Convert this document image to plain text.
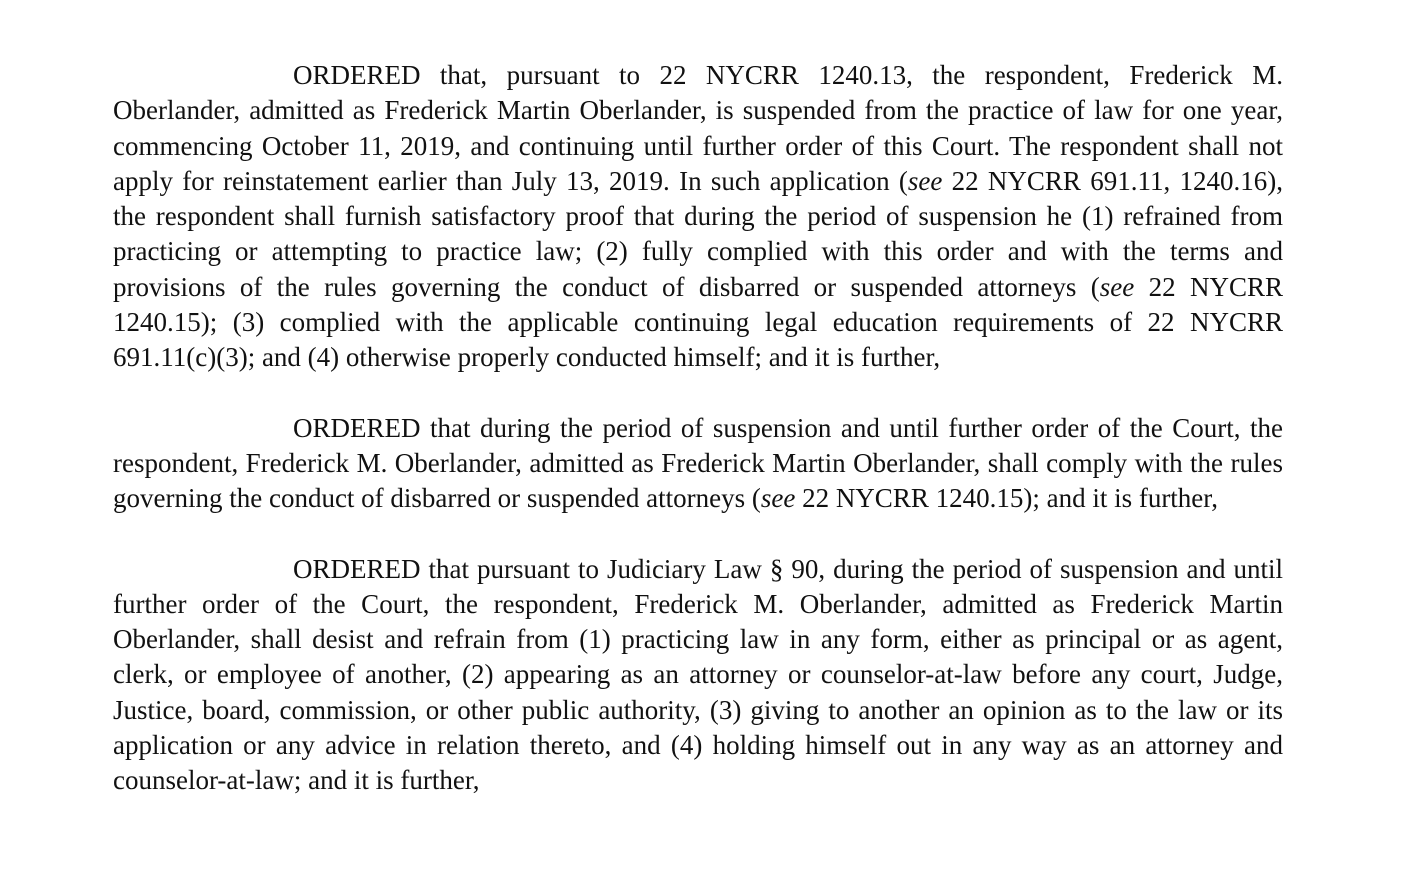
ORDERED that, pursuant to 22 NYCRR 1240.13, the respondent, Frederick M. Oberlander, admitted as Frederick Martin Oberlander, is suspended from the practice of law for one year, commencing October 11, 2019, and continuing until further order of this Court. The respondent shall not apply for reinstatement earlier than July 13, 2019. In such application (see 22 NYCRR 691.11, 1240.16), the respondent shall furnish satisfactory proof that during the period of suspension he (1) refrained from practicing or attempting to practice law; (2) fully complied with this order and with the terms and provisions of the rules governing the conduct of disbarred or suspended attorneys (see 22 NYCRR 1240.15); (3) complied with the applicable continuing legal education requirements of 22 NYCRR 691.11(c)(3); and (4) otherwise properly conducted himself; and it is further,

ORDERED that during the period of suspension and until further order of the Court, the respondent, Frederick M. Oberlander, admitted as Frederick Martin Oberlander, shall comply with the rules governing the conduct of disbarred or suspended attorneys (see 22 NYCRR 1240.15); and it is further,

ORDERED that pursuant to Judiciary Law § 90, during the period of suspension and until further order of the Court, the respondent, Frederick M. Oberlander, admitted as Frederick Martin Oberlander, shall desist and refrain from (1) practicing law in any form, either as principal or as agent, clerk, or employee of another, (2) appearing as an attorney or counselor-at-law before any court, Judge, Justice, board, commission, or other public authority, (3) giving to another an opinion as to the law or its application or any advice in relation thereto, and (4) holding himself out in any way as an attorney and counselor-at-law; and it is further,
